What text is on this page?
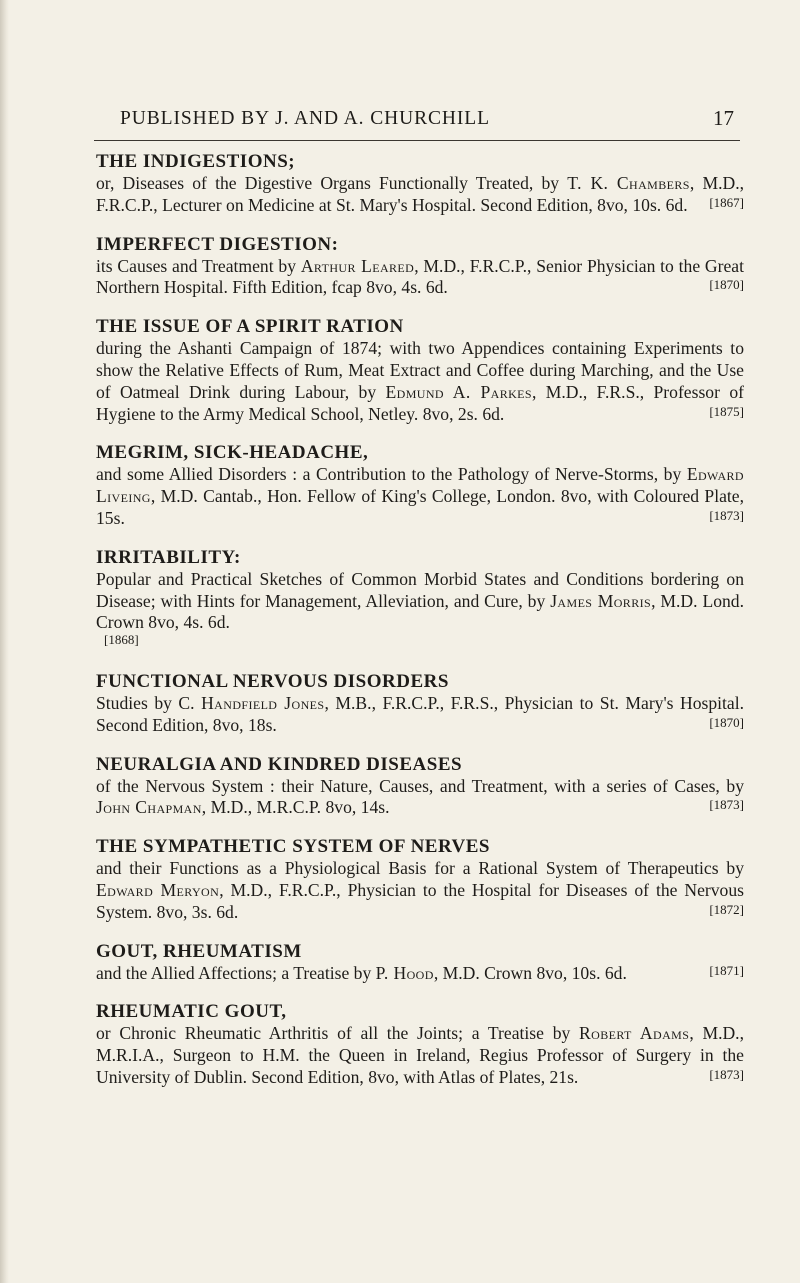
PUBLISHED BY J. AND A. CHURCHILL	17
THE INDIGESTIONS;
or, Diseases of the Digestive Organs Functionally Treated, by T. K. Chambers, M.D., F.R.C.P., Lecturer on Medicine at St. Mary's Hospital. Second Edition, 8vo, 10s. 6d. [1867]
IMPERFECT DIGESTION:
its Causes and Treatment by Arthur Leared, M.D., F.R.C.P., Senior Physician to the Great Northern Hospital. Fifth Edition, fcap 8vo, 4s. 6d.	[1870]
THE ISSUE OF A SPIRIT RATION
during the Ashanti Campaign of 1874; with two Appendices containing Experiments to show the Relative Effects of Rum, Meat Extract and Coffee during Marching, and the Use of Oatmeal Drink during Labour, by Edmund A. Parkes, M.D., F.R.S., Professor of Hygiene to the Army Medical School, Netley. 8vo, 2s. 6d.	[1875]
MEGRIM, SICK-HEADACHE,
and some Allied Disorders : a Contribution to the Pathology of Nerve-Storms, by Edward Liveing, M.D. Cantab., Hon. Fellow of King's College, London. 8vo, with Coloured Plate, 15s.	[1873]
IRRITABILITY:
Popular and Practical Sketches of Common Morbid States and Conditions bordering on Disease; with Hints for Management, Alleviation, and Cure, by James Morris, M.D. Lond. Crown 8vo, 4s. 6d.
[1868]
FUNCTIONAL NERVOUS DISORDERS
Studies by C. Handfield Jones, M.B., F.R.C.P., F.R.S., Physician to St. Mary's Hospital. Second Edition, 8vo, 18s.	[1870]
NEURALGIA AND KINDRED DISEASES
of the Nervous System : their Nature, Causes, and Treatment, with a series of Cases, by John Chapman, M.D., M.R.C.P. 8vo, 14s.	[1873]
THE SYMPATHETIC SYSTEM OF NERVES
and their Functions as a Physiological Basis for a Rational System of Therapeutics by Edward Meryon, M.D., F.R.C.P., Physician to the Hospital for Diseases of the Nervous System. 8vo, 3s. 6d.	[1872]
GOUT, RHEUMATISM
and the Allied Affections; a Treatise by P. Hood, M.D. Crown 8vo, 10s. 6d.	[1871]
RHEUMATIC GOUT,
or Chronic Rheumatic Arthritis of all the Joints; a Treatise by Robert Adams, M.D., M.R.I.A., Surgeon to H.M. the Queen in Ireland, Regius Professor of Surgery in the University of Dublin. Second Edition, 8vo, with Atlas of Plates, 21s.	[1873]
